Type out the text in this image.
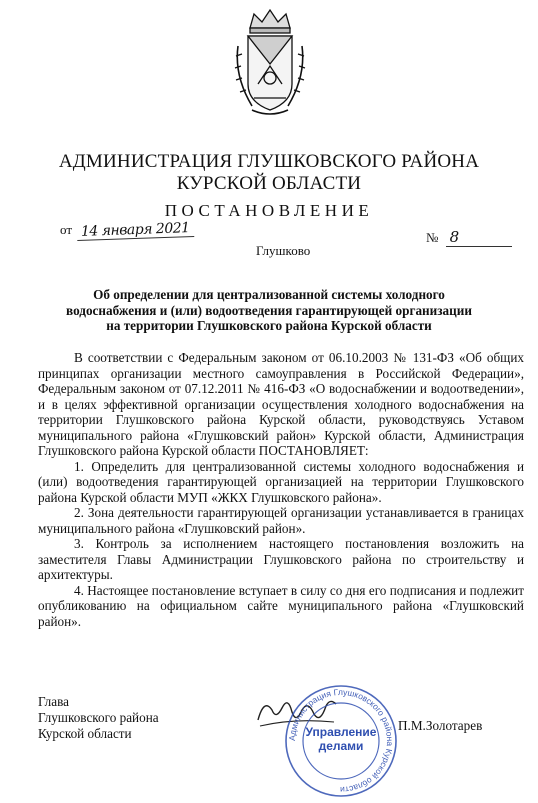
АДМИНИСТРАЦИЯ ГЛУШКОВСКОГО РАЙОНА
КУРСКОЙ ОБЛАСТИ
ПОСТАНОВЛЕНИЕ
от 14 января 2021
Глушково
№ 8
Об определении для централизованной системы холодного
водоснабжения и (или) водоотведения гарантирующей организации
на территории Глушковского района Курской области

В соответствии с Федеральным законом от 06.10.2003 № 131-ФЗ «Об общих принципах организации местного самоуправления в Российской Федерации», Федеральным законом от 07.12.2011 № 416-ФЗ «О водоснабжении и водоотведении», и в целях эффективной организации осуществления холодного водоснабжения на территории Глушковского района Курской области, руководствуясь Уставом муниципального района «Глушковский район» Курской области, Администрация Глушковского района Курской области ПОСТАНОВЛЯЕТ:

1. Определить для централизованной системы холодного водоснабжения и (или) водоотведения гарантирующей организацией на территории Глушковского района Курской области МУП «ЖКХ Глушковского района».

2. Зона деятельности гарантирующей организации устанавливается в границах муниципального района «Глушковский район».

3. Контроль за исполнением настоящего постановления возложить на заместителя Главы Администрации Глушковского района по строительству и архитектуры.

4. Настоящее постановление вступает в силу со дня его подписания и подлежит опубликованию на официальном сайте муниципального района «Глушковский район».

Глава
Глушковского района
Курской области	Администрация Глушковского района Курской области
Управление
делами
П.М.Золотарев
